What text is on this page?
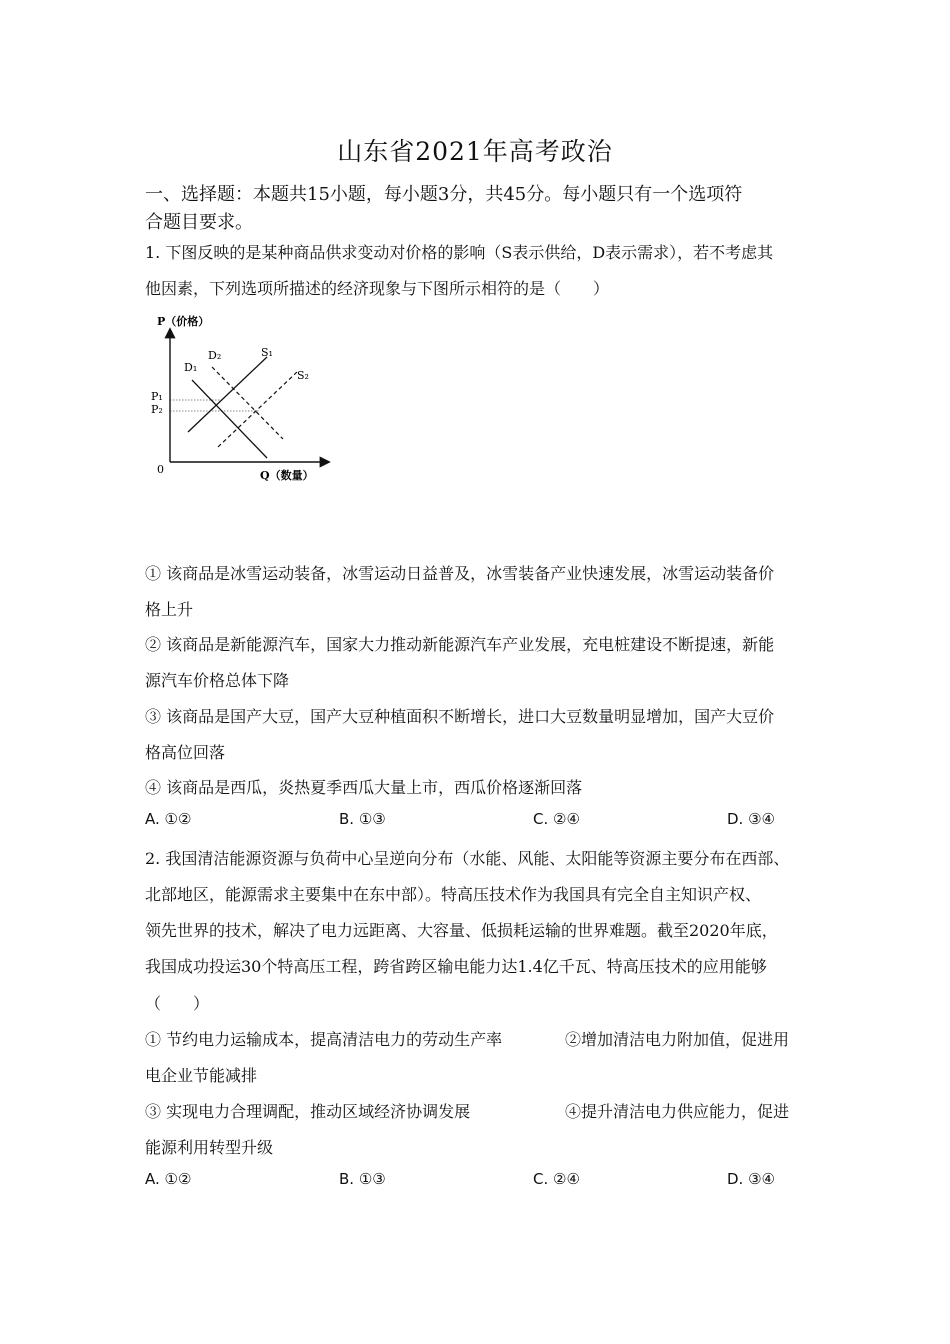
山东省2021年高考政治
一、选择题：本题共15小题，每小题3分，共45分。每小题只有一个选项符
合题目要求。
1. 下图反映的是某种商品供求变动对价格的影响（S表示供给，D表示需求），若不考虑其
他因素，下列选项所描述的经济现象与下图所示相符的是（　　）
P（价格）
Q（数量）
0
P₁
P₂
D₁
D₂	S₁
S₂
① 该商品是冰雪运动装备，冰雪运动日益普及，冰雪装备产业快速发展，冰雪运动装备价
格上升
② 该商品是新能源汽车，国家大力推动新能源汽车产业发展，充电桩建设不断提速，新能
源汽车价格总体下降
③ 该商品是国产大豆，国产大豆种植面积不断增长，进口大豆数量明显增加，国产大豆价
格高位回落
④ 该商品是西瓜，炎热夏季西瓜大量上市，西瓜价格逐渐回落
A. ①②	B. ①③	C. ②④	D. ③④
2. 我国清洁能源资源与负荷中心呈逆向分布（水能、风能、太阳能等资源主要分布在西部、
北部地区，能源需求主要集中在东中部）。特高压技术作为我国具有完全自主知识产权、
领先世界的技术，解决了电力远距离、大容量、低损耗运输的世界难题。截至2020年底，
我国成功投运30个特高压工程，跨省跨区输电能力达1.4亿千瓦、特高压技术的应用能够
（　　）
① 节约电力运输成本，提高清洁电力的劳动生产率	②增加清洁电力附加值，促进用
电企业节能减排
③ 实现电力合理调配，推动区域经济协调发展	④提升清洁电力供应能力，促进
能源利用转型升级
A. ①②	B. ①③	C. ②④	D. ③④
